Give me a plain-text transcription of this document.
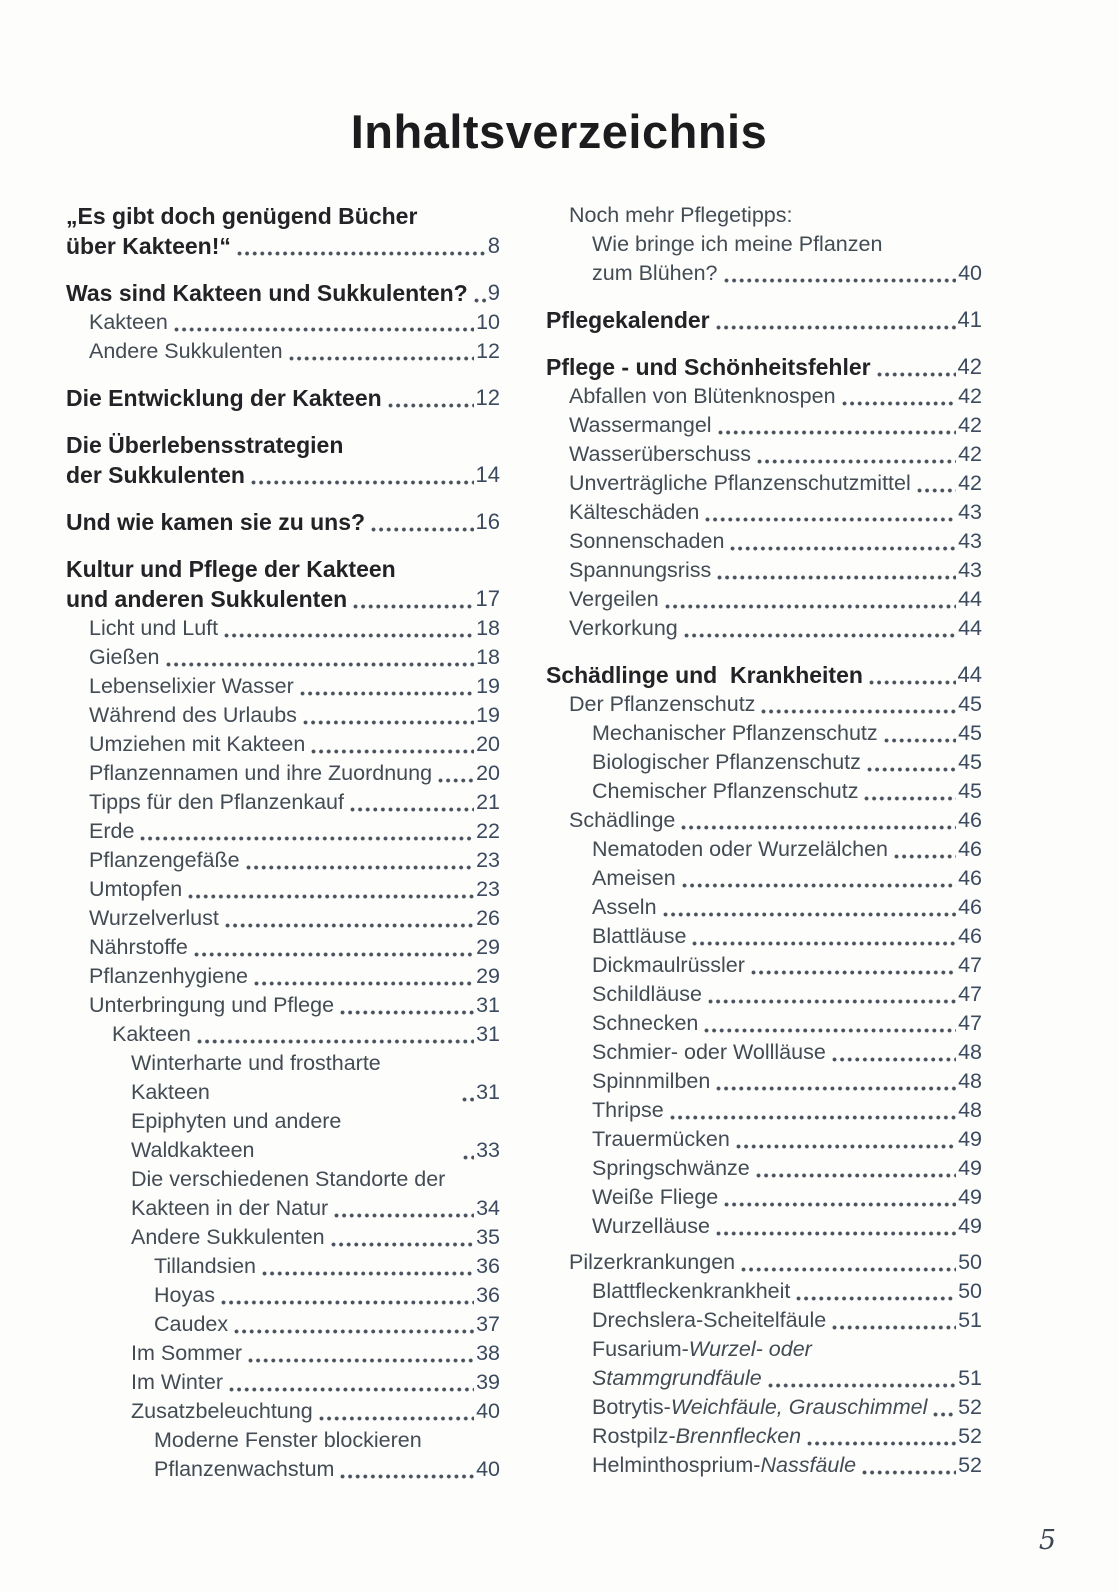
Inhaltsverzeichnis
„Es gibt doch genügend Bücher
über Kakteen!“	8
Was sind Kakteen und Sukkulenten? 9
Kakteen	10
Andere Sukkulenten	12
Die Entwicklung der Kakteen	12
Die Überlebensstrategien
der Sukkulenten	14
Und wie kamen sie zu uns?	16
Kultur und Pflege der Kakteen
und anderen Sukkulenten	17
Licht und Luft	18
Gießen	18
Lebenselixier Wasser	19
Während des Urlaubs	19
Umziehen mit Kakteen	20
Pflanzennamen und ihre Zuordnung 20
Tipps für den Pflanzenkauf	21
Erde	22
Pflanzengefäße	23
Umtopfen	23
Wurzelverlust	26
Nährstoffe	29
Pflanzenhygiene	29
Unterbringung und Pflege	31
Kakteen	31
Winterharte und frostharte Kakteen	31
Epiphyten und andere Waldkakteen	33
Die verschiedenen Standorte der
Kakteen in der Natur	34
Andere Sukkulenten	35
Tillandsien	36
Hoyas	36
Caudex	37
Im Sommer	38
Im Winter	39
Zusatzbeleuchtung	40
Moderne Fenster blockieren
Pflanzenwachstum	40
Noch mehr Pflegetipps:
Wie bringe ich meine Pflanzen
zum Blühen?	40
Pflegekalender	41
Pflege - und Schönheitsfehler	42
Abfallen von Blütenknospen	42
Wassermangel	42
Wasserüberschuss	42
Unverträgliche Pflanzenschutzmittel 42
Kälteschäden	43
Sonnenschaden	43
Spannungsriss	43
Vergeilen	44
Verkorkung	44
Schädlinge und  Krankheiten	44
Der Pflanzenschutz	45
Mechanischer Pflanzenschutz	45
Biologischer Pflanzenschutz	45
Chemischer Pflanzenschutz	45
Schädlinge	46
Nematoden oder Wurzelälchen	46
Ameisen	46
Asseln	46
Blattläuse	46
Dickmaulrüssler	47
Schildläuse	47
Schnecken	47
Schmier- oder Wollläuse	48
Spinnmilben	48
Thripse	48
Trauermücken	49
Springschwänze	49
Weiße Fliege	49
Wurzelläuse	49
Pilzerkrankungen	50
Blattfleckenkrankheit	50
Drechslera-Scheitelfäule	51
Fusarium-Wurzel- oder
Stammgrundfäule	51
Botrytis-Weichfäule, Grauschimmel 52
Rostpilz-Brennflecken	52
Helminthosprium-Nassfäule	52
5
